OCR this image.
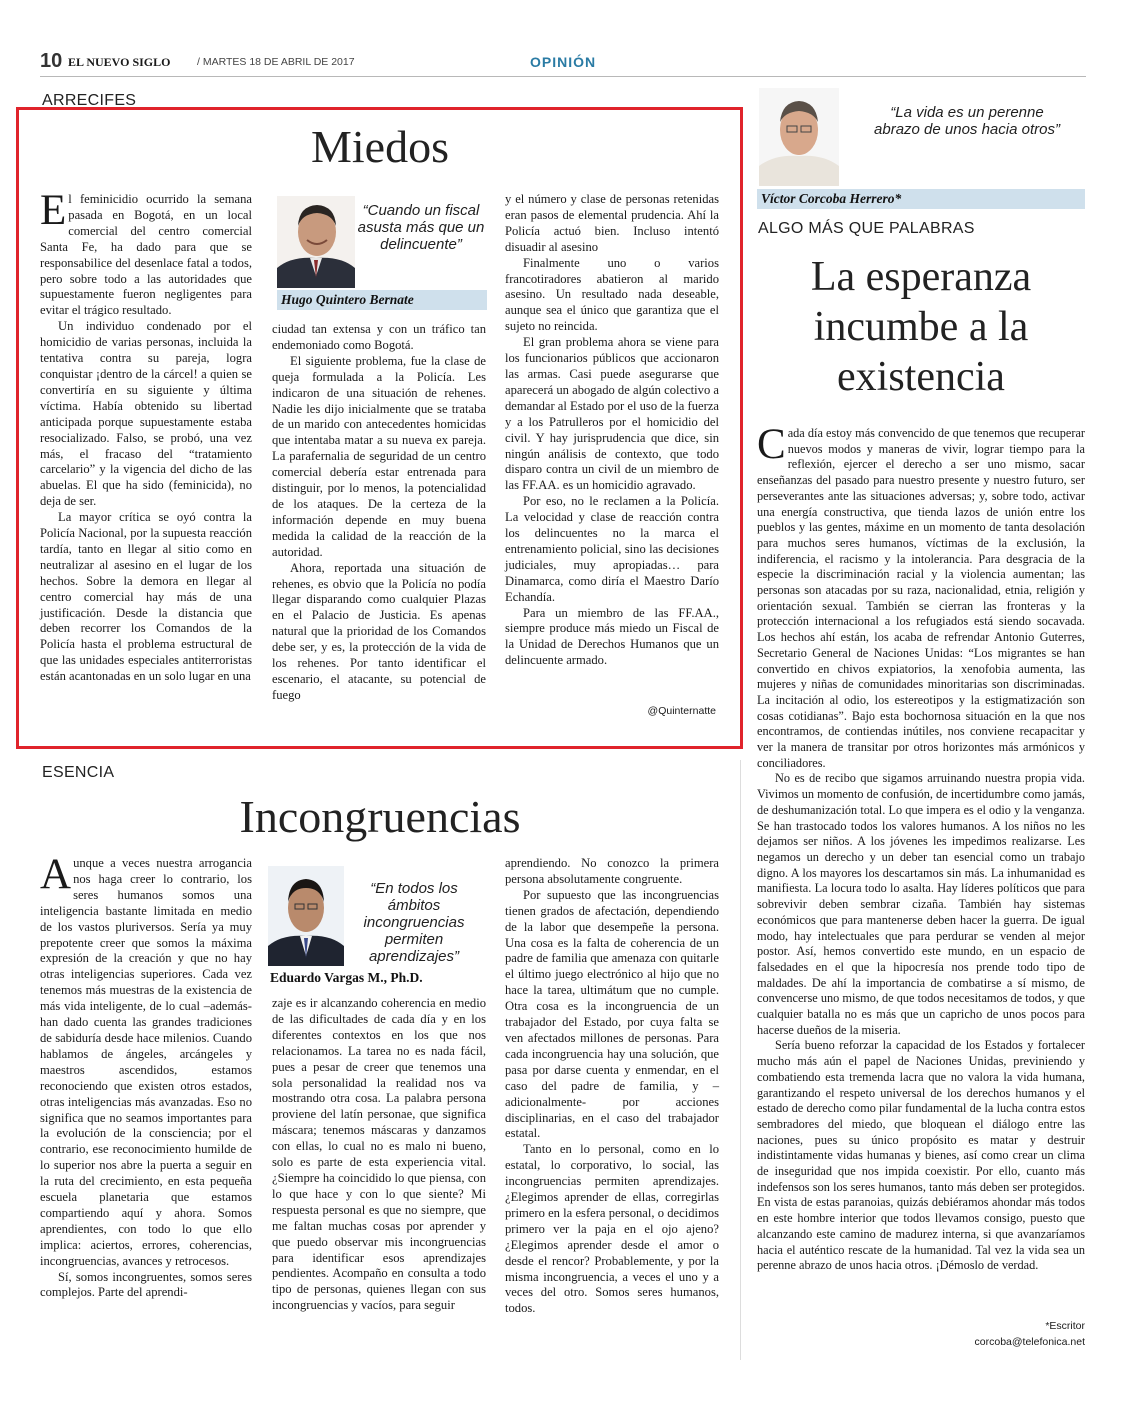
10 EL NUEVO SIGLO	/ MARTES 18 DE ABRIL DE 2017	OPINIÓN
ARRECIFES
Miedos
E l feminicidio ocurrido la semana pasada en Bogotá, en un local comercial del centro comercial Santa Fe, ha dado para que se responsabilice del desenlace fatal a todos, pero sobre todo a las autoridades que supuestamente fueron negligentes para evitar el trágico resultado.

Un individuo condenado por el homicidio de varias personas, incluida la tentativa contra su pareja, logra conquistar ¡dentro de la cárcel! a quien se convertiría en su siguiente y última víctima. Había obtenido su libertad anticipada porque supuestamente estaba resocializado. Falso, se probó, una vez más, el fracaso del “tratamiento carcelario” y la vigencia del dicho de las abuelas. El que ha sido (feminicida), no deja de ser.

La mayor crítica se oyó contra la Policía Nacional, por la supuesta reacción tardía, tanto en llegar al sitio como en neutralizar al asesino en el lugar de los hechos. Sobre la demora en llegar al centro comercial hay más de una justificación. Desde la distancia que deben recorrer los Comandos de la Policía hasta el problema estructural de que las unidades especiales antiterroristas están acantonadas en un solo lugar en una

“Cuando un fiscal asusta más que un delincuente”
Hugo Quintero Bernate

ciudad tan extensa y con un tráfico tan endemoniado como Bogotá.

El siguiente problema, fue la clase de queja formulada a la Policía. Les indicaron de una situación de rehenes. Nadie les dijo inicialmente que se trataba de un marido con antecedentes homicidas que intentaba matar a su nueva ex pareja. La parafernalia de seguridad de un centro comercial debería estar entrenada para distinguir, por lo menos, la potencialidad de los ataques. De la certeza de la información depende en muy buena medida la calidad de la reacción de la autoridad.

Ahora, reportada una situación de rehenes, es obvio que la Policía no podía llegar disparando como cualquier Plazas en el Palacio de Justicia. Es apenas natural que la prioridad de los Comandos debe ser, y es, la protección de la vida de los rehenes. Por tanto identificar el escenario, el atacante, su potencial de fuego

y el número y clase de personas retenidas eran pasos de elemental prudencia. Ahí la Policía actuó bien. Incluso intentó disuadir al asesino

Finalmente uno o varios francotiradores abatieron al marido asesino. Un resultado nada deseable, aunque sea el único que garantiza que el sujeto no reincida.

El gran problema ahora se viene para los funcionarios públicos que accionaron las armas. Casi puede asegurarse que aparecerá un abogado de algún colectivo a demandar al Estado por el uso de la fuerza y a los Patrulleros por el homicidio del civil. Y hay jurisprudencia que dice, sin ningún análisis de contexto, que todo disparo contra un civil de un miembro de las FF.AA. es un homicidio agravado.

Por eso, no le reclamen a la Policía. La velocidad y clase de reacción contra los delincuentes no la marca el entrenamiento policial, sino las decisiones judiciales, muy apropiadas… para Dinamarca, como diría el Maestro Darío Echandía.

Para un miembro de las FF.AA., siempre produce más miedo un Fiscal de la Unidad de Derechos Humanos que un delincuente armado.

@Quinternatte
ESENCIA
Incongruencias
A unque a veces nuestra arrogancia nos haga creer lo contrario, los seres humanos somos una inteligencia bastante limitada en medio de los vastos pluriversos. Sería ya muy prepotente creer que somos la máxima expresión de la creación y que no hay otras inteligencias superiores. Cada vez tenemos más muestras de la existencia de más vida inteligente, de lo cual –además- han dado cuenta las grandes tradiciones de sabiduría desde hace milenios. Cuando hablamos de ángeles, arcángeles y maestros ascendidos, estamos reconociendo que existen otros estados, otras inteligencias más avanzadas. Eso no significa que no seamos importantes para la evolución de la consciencia; por el contrario, ese reconocimiento humilde de lo superior nos abre la puerta a seguir en la ruta del crecimiento, en esta pequeña escuela planetaria que estamos compartiendo aquí y ahora. Somos aprendientes, con todo lo que ello implica: aciertos, errores, coherencias, incongruencias, avances y retrocesos.

Sí, somos incongruentes, somos seres complejos. Parte del aprendi-

“En todos los ámbitos incongruencias permiten aprendizajes”
Eduardo Vargas M., Ph.D.

zaje es ir alcanzando coherencia en medio de las dificultades de cada día y en los diferentes contextos en los que nos relacionamos. La tarea no es nada fácil, pues a pesar de creer que tenemos una sola personalidad la realidad nos va mostrando otra cosa. La palabra persona proviene del latín personae, que significa máscara; tenemos máscaras y danzamos con ellas, lo cual no es malo ni bueno, solo es parte de esta experiencia vital. ¿Siempre ha coincidido lo que piensa, con lo que hace y con lo que siente? Mi respuesta personal es que no siempre, que me faltan muchas cosas por aprender y que puedo observar mis incongruencias para identificar esos aprendizajes pendientes. Acompaño en consulta a todo tipo de personas, quienes llegan con sus incongruencias y vacíos, para seguir

aprendiendo. No conozco la primera persona absolutamente congruente.

Por supuesto que las incongruencias tienen grados de afectación, dependiendo de la labor que desempeñe la persona. Una cosa es la falta de coherencia de un padre de familia que amenaza con quitarle el último juego electrónico al hijo que no hace la tarea, ultimátum que no cumple. Otra cosa es la incongruencia de un trabajador del Estado, por cuya falta se ven afectados millones de personas. Para cada incongruencia hay una solución, que pasa por darse cuenta y enmendar, en el caso del padre de familia, y –adicionalmente- por acciones disciplinarias, en el caso del trabajador estatal.

Tanto en lo personal, como en lo estatal, lo corporativo, lo social, las incongruencias permiten aprendizajes. ¿Elegimos aprender de ellas, corregirlas primero en la esfera personal, o decidimos primero ver la paja en el ojo ajeno? ¿Elegimos aprender desde el amor o desde el rencor? Probablemente, y por la misma incongruencia, a veces el uno y a veces del otro. Somos seres humanos, todos.

“La vida es un perenne abrazo de unos hacia otros”
Víctor Corcoba Herrero*
ALGO MÁS QUE PALABRAS
La esperanza
incumbe a la
existencia
C ada día estoy más convencido de que tenemos que recuperar nuevos modos y maneras de vivir, lograr tiempo para la reflexión, ejercer el derecho a ser uno mismo, sacar enseñanzas del pasado para nuestro presente y nuestro futuro, ser perseverantes ante las situaciones adversas; y, sobre todo, activar una energía constructiva, que tienda lazos de unión entre los pueblos y las gentes, máxime en un momento de tanta desolación para muchos seres humanos, víctimas de la exclusión, la indiferencia, el racismo y la intolerancia. Para desgracia de la especie la discriminación racial y la violencia aumentan; las personas son atacadas por su raza, nacionalidad, etnia, religión y orientación sexual. También se cierran las fronteras y la protección internacional a los refugiados está siendo socavada. Los hechos ahí están, los acaba de refrendar Antonio Guterres, Secretario General de Naciones Unidas: “Los migrantes se han convertido en chivos expiatorios, la xenofobia aumenta, las mujeres y niñas de comunidades minoritarias son discriminadas. La incitación al odio, los estereotipos y la estigmatización son cosas cotidianas”. Bajo esta bochornosa situación en la que nos encontramos, de contiendas inútiles, nos conviene recapacitar y ver la manera de transitar por otros horizontes más armónicos y conciliadores.

No es de recibo que sigamos arruinando nuestra propia vida. Vivimos un momento de confusión, de incertidumbre como jamás, de deshumanización total. Lo que impera es el odio y la venganza. Se han trastocado todos los valores humanos. A los niños no les dejamos ser niños. A los jóvenes les impedimos realizarse. Les negamos un derecho y un deber tan esencial como un trabajo digno. A los mayores los descartamos sin más. La inhumanidad es manifiesta. La locura todo lo asalta. Hay líderes políticos que para sobrevivir deben sembrar cizaña. También hay sistemas económicos que para mantenerse deben hacer la guerra. De igual modo, hay intelectuales que para perdurar se venden al mejor postor. Así, hemos convertido este mundo, en un espacio de falsedades en el que la hipocresía nos prende todo tipo de maldades. De ahí la importancia de combatirse a sí mismo, de convencerse uno mismo, de que todos necesitamos de todos, y que cualquier batalla no es más que un capricho de unos pocos para hacerse dueños de la miseria.

Sería bueno reforzar la capacidad de los Estados y fortalecer mucho más aún el papel de Naciones Unidas, previniendo y combatiendo esta tremenda lacra que no valora la vida humana, garantizando el respeto universal de los derechos humanos y el estado de derecho como pilar fundamental de la lucha contra estos sembradores del miedo, que bloquean el diálogo entre las naciones, pues su único propósito es matar y destruir indistintamente vidas humanas y bienes, así como crear un clima de inseguridad que nos impida coexistir. Por ello, cuanto más indefensos son los seres humanos, tanto más deben ser protegidos. En vista de estas paranoias, quizás debiéramos ahondar más todos en este hombre interior que todos llevamos consigo, puesto que alcanzando este camino de madurez interna, si que avanzaríamos hacia el auténtico rescate de la humanidad. Tal vez la vida sea un perenne abrazo de unos hacia otros. ¡Démoslo de verdad.

*Escritor
corcoba@telefonica.net
